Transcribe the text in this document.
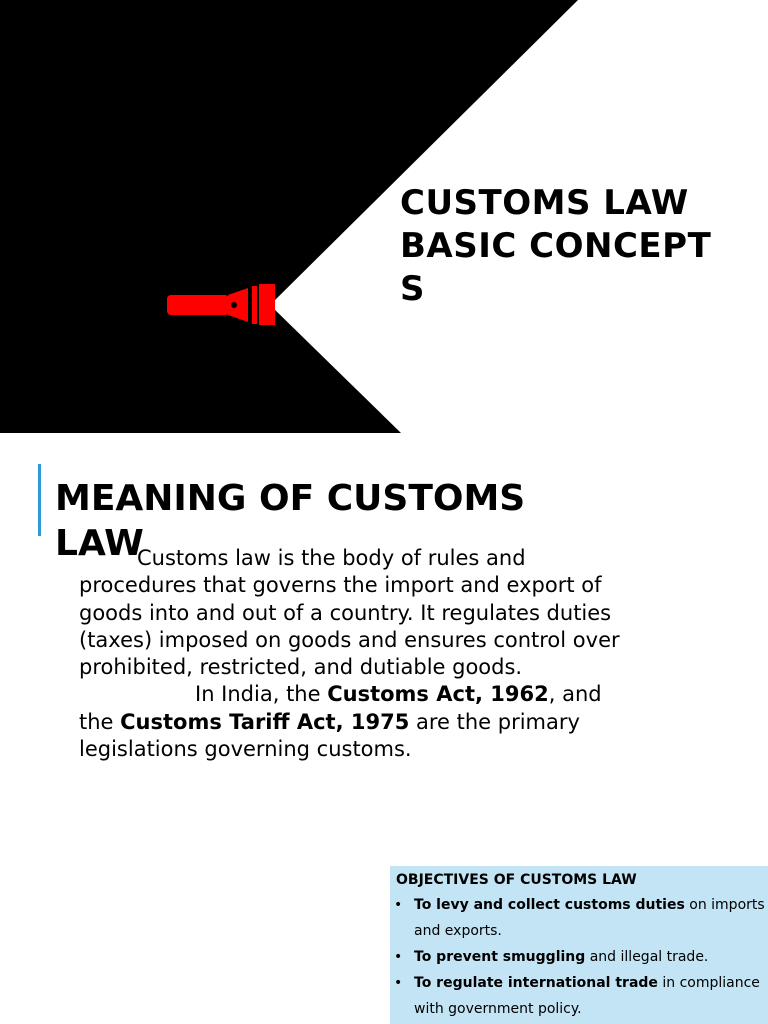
CUSTOMS LAW
BASIC CONCEPT
S
MEANING OF CUSTOMS
LAW
Customs law is the body of rules and
procedures that governs the import and export of
goods into and out of a country. It regulates duties
(taxes) imposed on goods and ensures control over
prohibited, restricted, and dutiable goods.
In India, the Customs Act, 1962, and
the Customs Tariff Act, 1975 are the primary
legislations governing customs.
OBJECTIVES OF CUSTOMS LAW
• To levy and collect customs duties on imports
and exports.
• To prevent smuggling and illegal trade.
• To regulate international trade in compliance
with government policy.
